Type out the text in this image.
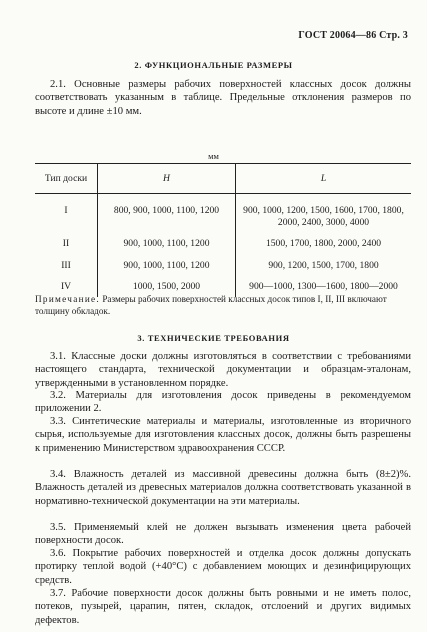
ГОСТ 20064—86 Стр. 3
2. ФУНКЦИОНАЛЬНЫЕ РАЗМЕРЫ

2.1. Основные размеры рабочих поверхностей классных досок должны соответствовать указанным в таблице. Предельные отклонения размеров по высоте и длине ±10 мм.

мм
Тип доски	H	L
I	800, 900, 1000, 1100, 1200	900, 1000, 1200, 1500, 1600, 1700, 1800, 2000, 2400, 3000, 4000
II	900, 1000, 1100, 1200	1500, 1700, 1800, 2000, 2400
III	900, 1000, 1100, 1200	900, 1200, 1500, 1700, 1800
IV	1000, 1500, 2000	900—1000, 1300—1600, 1800—2000
Примечание. Размеры рабочих поверхностей классных досок типов I, II, III включают толщину обкладок.
3. ТЕХНИЧЕСКИЕ ТРЕБОВАНИЯ

3.1. Классные доски должны изготовляться в соответствии с требованиями настоящего стандарта, технической документации и образцам-эталонам, утвержденными в установленном порядке.

3.2. Материалы для изготовления досок приведены в рекомендуемом приложении 2.

3.3. Синтетические материалы и материалы, изготовленные из вторичного сырья, используемые для изготовления классных досок, должны быть разрешены к применению Министерством здравоохранения СССР.

3.4. Влажность деталей из массивной древесины должна быть (8±2)%. Влажность деталей из древесных материалов должна соответствовать указанной в нормативно-технической документации на эти материалы.

3.5. Применяемый клей не должен вызывать изменения цвета рабочей поверхности досок.

3.6. Покрытие рабочих поверхностей и отделка досок должны допускать протирку теплой водой (+40°С) с добавлением моющих и дезинфицирующих средств.

3.7. Рабочие поверхности досок должны быть ровными и не иметь полос, потеков, пузырей, царапин, пятен, складок, отслоений и других видимых дефектов.
